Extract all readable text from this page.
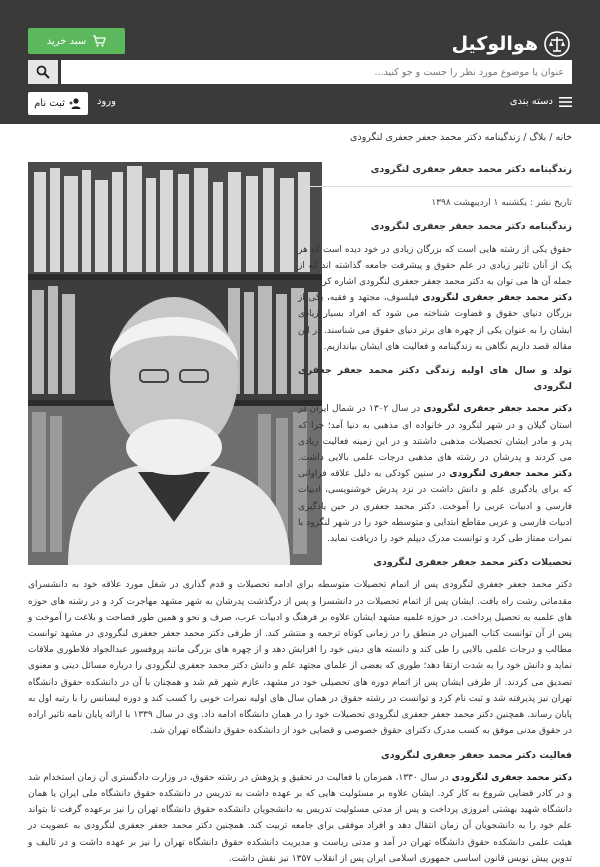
هوالوکیل
سبد خرید
عنوان یا موضوع مورد نظر را جست و جو کنید...
دسته بندی
ورود
ثبت نام
خانه / بلاگ / زندگینامه دکتر محمد جعفر جعفری لنگرودی
زندگینامه دکتر محمد جعفر جعفری لنگرودی
تاریخ نشر : یکشنبه ۱ اردیبهشت ۱۳۹۸
زندگینامه دکتر محمد جعفر جعفری لنگرودی

حقوق یکی از رشته هایی است که بزرگان زیادی در خود دیده است که هر یک از آنان تاثیر زیادی در علم حقوق و پیشرفت جامعه گذاشته اند که از جمله آن ها می توان به دکتر محمد جعفر جعفری لنگرودی اشاره کرد.

دکتر محمد جعفر جعفری لنگرودی فیلسوف، مجتهد و فقیه، یکی از بزرگان دنیای حقوق و قضاوت شناخته می شود که افراد بسیار زیادی ایشان را به عنوان یکی از چهره های برتر دنیای حقوق می شناسند. در این مقاله قصد داریم نگاهی به زندگینامه و فعالیت های ایشان بیاندازیم.

تولد و سال های اولیه زندگی دکتر محمد جعفر جعفری لنگرودی

دکتر محمد جعفر جعفری لنگرودی در سال ۱۳۰۲ در شمال ایران در استان گیلان و در شهر لنگرود در خانواده ای مذهبی به دنیا آمد؛ چرا که پدر و مادر ایشان تحصیلات مذهبی داشتند و در این زمینه فعالیت زیادی می کردند و پدرشان در رشته های مذهبی درجات علمی بالایی داشت. دکتر محمد جعفری لنگرودی در سنین کودکی به دلیل علاقه فراوانی که برای یادگیری علم و دانش داشت در نزد پدرش خوشنویسی، ادبیات فارسی و ادبیات عربی را آموخت. دکتر محمد جعفری در حین یادگیری ادبیات فارسی و عربی مقاطع ابتدایی و متوسطه خود را در شهر لنگرود با نمرات ممتاز طی کرد و توانست مدرک دیپلم خود را دریافت نماید.

تحصیلات دکتر محمد جعفر جعفری لنگرودی

دکتر محمد جعفر جعفری لنگرودی پس از اتمام تحصیلات متوسطه برای ادامه تحصیلات و قدم گذاری در شغل مورد علاقه خود به دانشسرای مقدماتی رشت راه یافت. ایشان پس از اتمام تحصیلات در دانشسرا و پس از درگذشت پدرشان به شهر مشهد مهاجرت کرد و در رشته های حوزه های علمیه به تحصیل پرداخت. در حوزه علمیه مشهد ایشان علاوه بر فرهنگ و ادبیات عرب، صرف و نحو و همین طور فصاحت و بلاغت را آموخت و پس از آن توانست کتاب المیزان در منطق را در زمانی کوتاه ترجمه و منتشر کند. از طرفی دکتر محمد جعفر جعفری لنگرودی در مشهد توانست مطالب و درجات علمی بالایی را طی کند و دانسته های دینی خود را افزایش دهد و از چهره های بزرگی مانند پروفسور عبدالجواد فلاطوری ملاقات نماید و دانش خود را به شدت ارتقا دهد؛ طوری که بعضی از علمای مجتهد علم و دانش دکتر محمد جعفری لنگرودی را درباره مسائل دینی و معنوی تصدیق می کردند. از طرفی ایشان پس از اتمام دوره های تحصیلی خود در مشهد، عازم شهر قم شد و همچنان با آن در دانشکده حقوق دانشگاه تهران نیز پذیرفته شد و ثبت نام کرد و توانست در رشته حقوق در همان سال های اولیه نمرات خوبی را کسب کند و دوره لیسانس را با رتبه اول به پایان رساند. همچنین دکتر محمد جعفر جعفری لنگرودی تحصیلات خود را در همان دانشگاه ادامه داد. وی در سال ۱۳۳۹ با ارائه پایان نامه تاثیر اراده در حقوق مدنی موفق به کسب مدرک دکترای حقوق خصوصی و قضایی خود از دانشکده حقوق دانشگاه تهران شد.

فعالیت دکتر محمد جعفر جعفری لنگرودی

دکتر محمد جعفری لنگرودی در سال ۱۳۳۰، همزمان با فعالیت در تحقیق و پژوهش در رشته حقوق، در وزارت دادگستری آن زمان استخدام شد و در کادر قضایی شروع به کار کرد. ایشان علاوه بر مسئولیت هایی که بر عهده داشت به تدریس در دانشکده حقوق دانشگاه ملی ایران یا همان دانشگاه شهید بهشتی امروزی پرداخت و پس از مدتی مسئولیت تدریس به دانشجویان دانشکده حقوق دانشگاه تهران را نیز برعهده گرفت تا بتواند علم خود را به دانشجویان آن زمان انتقال دهد و افراد موفقی برای جامعه تربیت کند. همچنین دکتر محمد جعفر جعفری لنگرودی به عضویت در هیئت علمی دانشکده حقوق دانشگاه تهران در آمد و مدتی ریاست و مدیریت دانشکده حقوق دانشگاه تهران را نیز بر عهده داشت و در تالیف و تدوین پیش نویس قانون اساسی جمهوری اسلامی ایران پس از انقلاب ۱۳۵۷ نیز نقش داشت.
